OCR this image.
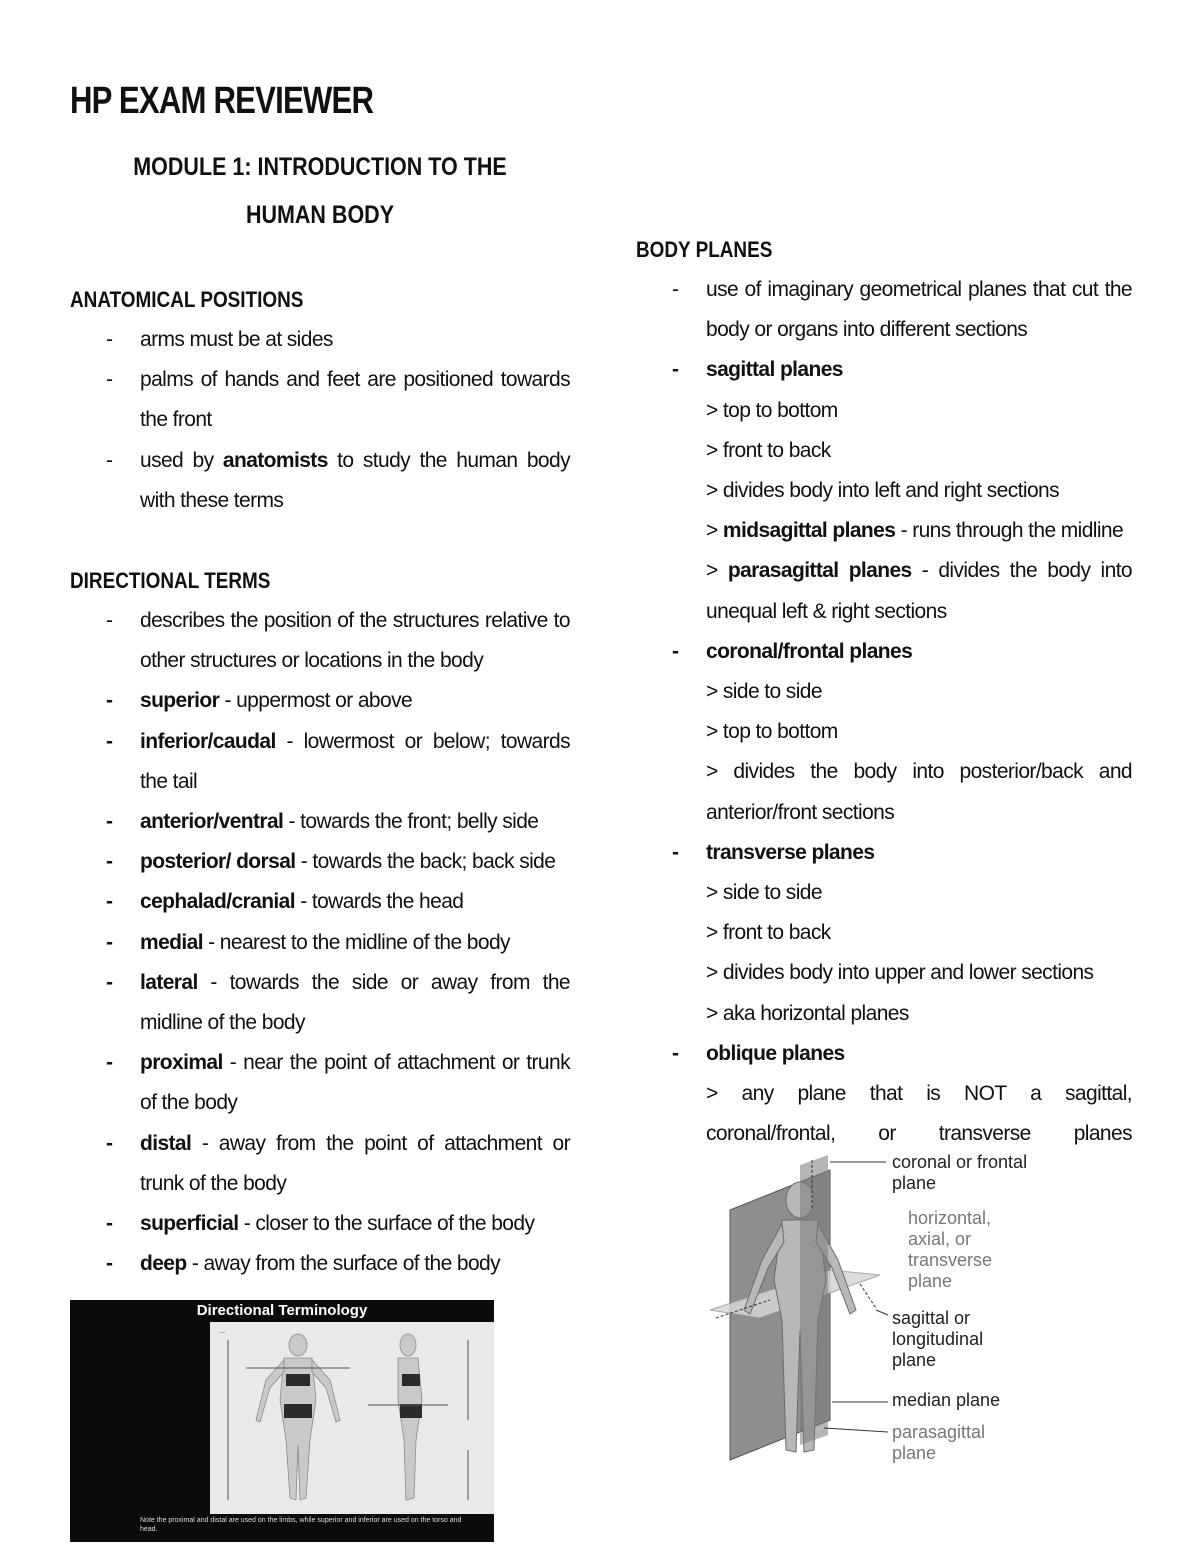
HP EXAM REVIEWER
MODULE 1: INTRODUCTION TO THE HUMAN BODY
ANATOMICAL POSITIONS
- arms must be at sides
- palms of hands and feet are positioned towards the front
- used by anatomists to study the human body with these terms
DIRECTIONAL TERMS
- describes the position of the structures relative to other structures or locations in the body
- superior - uppermost or above
- inferior/caudal - lowermost or below; towards the tail
- anterior/ventral - towards the front; belly side
- posterior/ dorsal - towards the back; back side
- cephalad/cranial - towards the head
- medial - nearest to the midline of the body
- lateral - towards the side or away from the midline of the body
- proximal - near the point of attachment or trunk of the body
- distal - away from the point of attachment or trunk of the body
- superficial - closer to the surface of the body
- deep - away from the surface of the body
Directional Terminology
—
Note the proximal and distal are used on the limbs, while superior and inferior are used on the torso and head.
BODY PLANES
- use of imaginary geometrical planes that cut the body or organs into different sections
- sagittal planes
> top to bottom
> front to back
> divides body into left and right sections
> midsagittal planes - runs through the midline
> parasagittal planes - divides the body into unequal left & right sections
- coronal/frontal planes
> side to side
> top to bottom
> divides the body into posterior/back and anterior/front sections
- transverse planes
> side to side
> front to back
> divides body into upper and lower sections
> aka horizontal planes
- oblique planes
> any plane that is NOT a sagittal, coronal/frontal, or transverse planes
coronal or frontal plane
horizontal, axial, or transverse plane
sagittal or longitudinal plane
median plane
parasagittal plane
